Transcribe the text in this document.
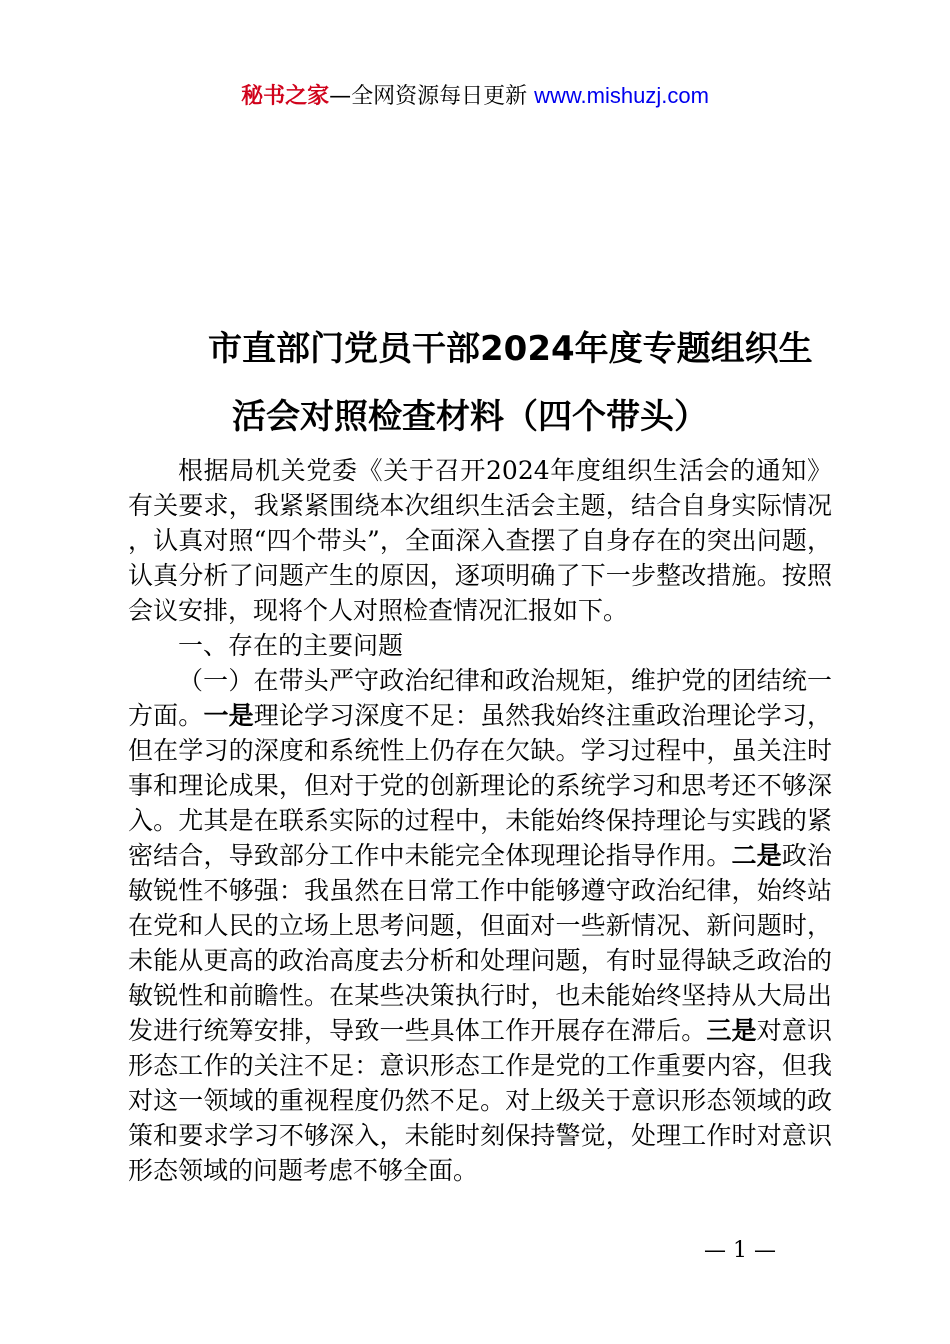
秘书之家—全网资源每日更新 www.mishuzj.com
市直部门党员干部2024年度专题组织生
活会对照检查材料（四个带头）

根据局机关党委《关于召开2024年度组织生活会的通知》有关要求，我紧紧围绕本次组织生活会主题，结合自身实际情况，认真对照“四个带头”，全面深入查摆了自身存在的突出问题，认真分析了问题产生的原因，逐项明确了下一步整改措施。按照会议安排，现将个人对照检查情况汇报如下。

一、存在的主要问题

（一）在带头严守政治纪律和政治规矩，维护党的团结统一方面。一是理论学习深度不足：虽然我始终注重政治理论学习，但在学习的深度和系统性上仍存在欠缺。学习过程中，虽关注时事和理论成果，但对于党的创新理论的系统学习和思考还不够深入。尤其是在联系实际的过程中，未能始终保持理论与实践的紧密结合，导致部分工作中未能完全体现理论指导作用。二是政治敏锐性不够强：我虽然在日常工作中能够遵守政治纪律，始终站在党和人民的立场上思考问题，但面对一些新情况、新问题时，未能从更高的政治高度去分析和处理问题，有时显得缺乏政治的敏锐性和前瞻性。在某些决策执行时，也未能始终坚持从大局出发进行统筹安排，导致一些具体工作开展存在滞后。三是对意识形态工作的关注不足：意识形态工作是党的工作重要内容，但我对这一领域的重视程度仍然不足。对上级关于意识形态领域的政策和要求学习不够深入，未能时刻保持警觉，处理工作时对意识形态领域的问题考虑不够全面。

— 1 —
